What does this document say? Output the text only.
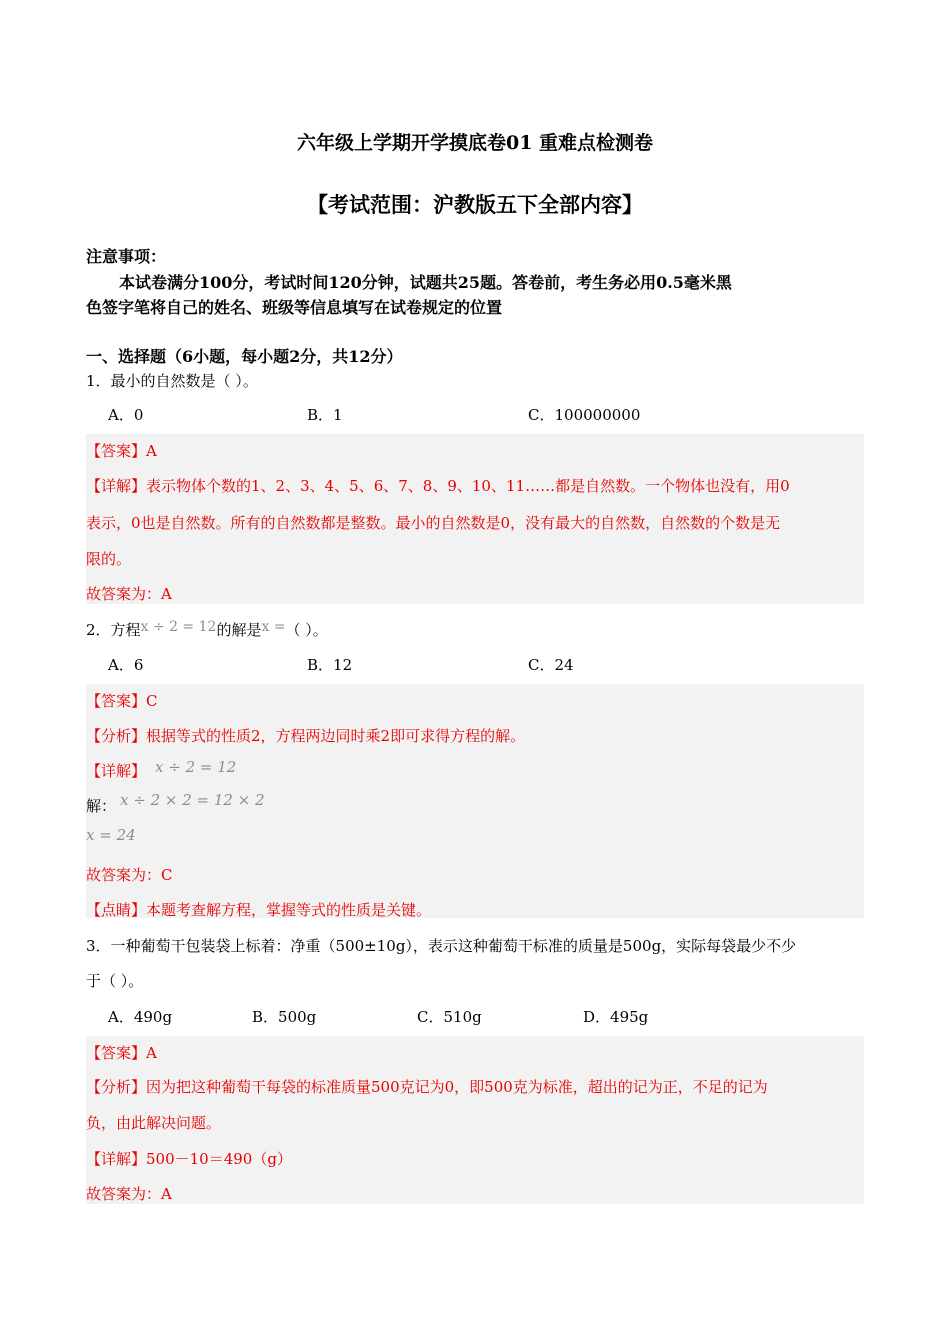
六年级上学期开学摸底卷01 重难点检测卷
【考试范围：沪教版五下全部内容】
注意事项：
本试卷满分100分，考试时间120分钟，试题共25题。答卷前，考生务必用0.5毫米黑
色签字笔将自己的姓名、班级等信息填写在试卷规定的位置
一、选择题（6小题，每小题2分，共12分）
1．最小的自然数是（ ）。
A．0	B．1	C．100000000
【答案】A
【详解】表示物体个数的1、2、3、4、5、6、7、8、9、10、11……都是自然数。一个物体也没有，用0
表示，0也是自然数。所有的自然数都是整数。最小的自然数是0，没有最大的自然数，自然数的个数是无
限的。
故答案为：A
2．方程x ÷ 2 = 12的解是x =（ ）。
A．6	B．12	C．24
【答案】C
【分析】根据等式的性质2，方程两边同时乘2即可求得方程的解。
【详解】 x ÷ 2 = 12
解： x ÷ 2 × 2 = 12 × 2
x = 24
故答案为：C
【点睛】本题考查解方程，掌握等式的性质是关键。
3．一种葡萄干包装袋上标着：净重（500±10g），表示这种葡萄干标准的质量是500g，实际每袋最少不少
于（ ）。
A．490g	B．500g	C．510g	D．495g
【答案】A
【分析】因为把这种葡萄干每袋的标准质量500克记为0，即500克为标准，超出的记为正，不足的记为
负，由此解决问题。
【详解】500－10＝490（g）
故答案为：A
